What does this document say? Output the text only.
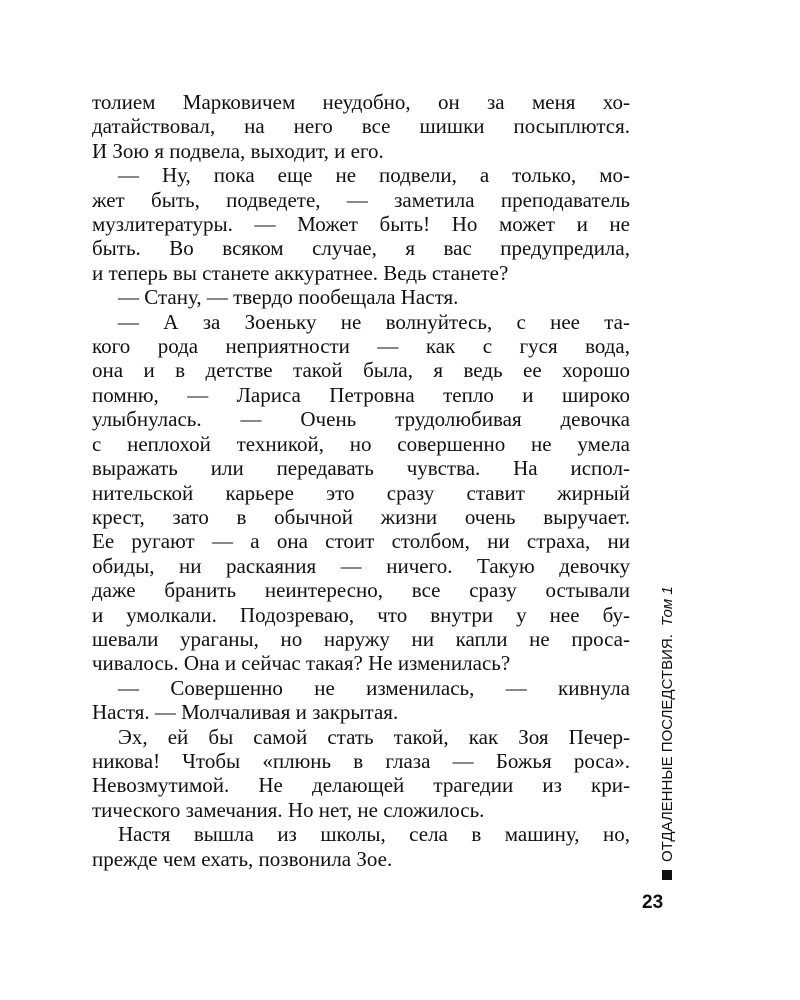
толием Марковичем неудобно, он за меня хо-
датайствовал, на него все шишки посыплются.
И Зою я подвела, выходит, и его.
— Ну, пока еще не подвели, а только, мо-
жет быть, подведете, — заметила преподаватель
музлитературы. — Может быть! Но может и не
быть. Во всяком случае, я вас предупредила,
и теперь вы станете аккуратнее. Ведь станете?
— Стану, — твердо пообещала Настя.
— А за Зоеньку не волнуйтесь, с нее та-
кого рода неприятности — как с гуся вода,
она и в детстве такой была, я ведь ее хорошо
помню, — Лариса Петровна тепло и широко
улыбнулась. — Очень трудолюбивая девочка
с неплохой техникой, но совершенно не умела
выражать или передавать чувства. На испол-
нительской карьере это сразу ставит жирный
крест, зато в обычной жизни очень выручает.
Ее ругают — а она стоит столбом, ни страха, ни
обиды, ни раскаяния — ничего. Такую девочку
даже бранить неинтересно, все сразу остывали
и умолкали. Подозреваю, что внутри у нее бу-
шевали ураганы, но наружу ни капли не проса-
чивалось. Она и сейчас такая? Не изменилась?
— Совершенно не изменилась, — кивнула
Настя. — Молчаливая и закрытая.
Эх, ей бы самой стать такой, как Зоя Печер-
никова! Чтобы «плюнь в глаза — Божья роса».
Невозмутимой. Не делающей трагедии из кри-
тического замечания. Но нет, не сложилось.
Настя вышла из школы, села в машину, но,
прежде чем ехать, позвонила Зое.	ОТДАЛЕННЫЕ ПОСЛЕДСТВИЯ.
Том 1
23
